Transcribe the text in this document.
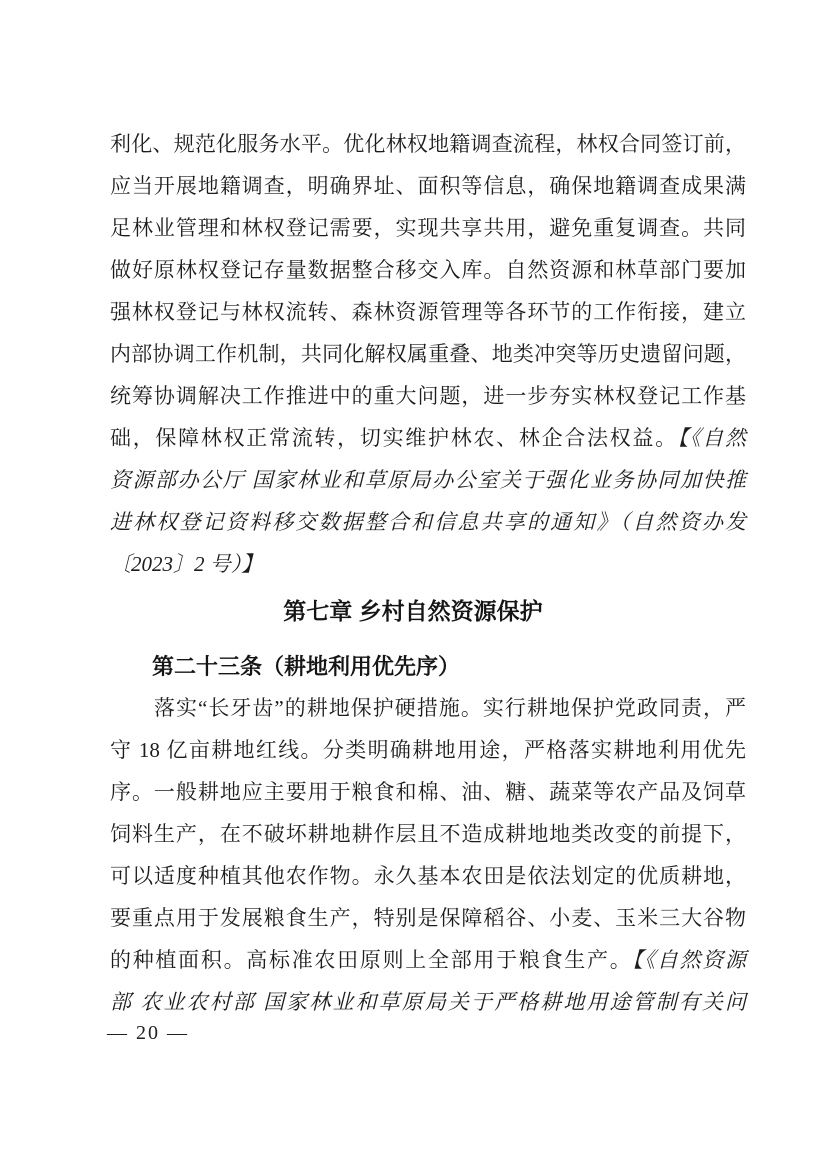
利化、规范化服务水平。优化林权地籍调查流程，林权合同签订前，
应当开展地籍调查，明确界址、面积等信息，确保地籍调查成果满
足林业管理和林权登记需要，实现共享共用，避免重复调查。共同
做好原林权登记存量数据整合移交入库。自然资源和林草部门要加
强林权登记与林权流转、森林资源管理等各环节的工作衔接，建立
内部协调工作机制，共同化解权属重叠、地类冲突等历史遗留问题，
统筹协调解决工作推进中的重大问题，进一步夯实林权登记工作基
础，保障林权正常流转，切实维护林农、林企合法权益。【《自然
资源部办公厅 国家林业和草原局办公室关于强化业务协同加快推
进林权登记资料移交数据整合和信息共享的通知》（自然资办发
〔2023〕2 号）】
第七章 乡村自然资源保护
第二十三条（耕地利用优先序）
落实“长牙齿”的耕地保护硬措施。实行耕地保护党政同责，严
守 18 亿亩耕地红线。分类明确耕地用途，严格落实耕地利用优先
序。一般耕地应主要用于粮食和棉、油、糖、蔬菜等农产品及饲草
饲料生产，在不破坏耕地耕作层且不造成耕地地类改变的前提下，
可以适度种植其他农作物。永久基本农田是依法划定的优质耕地，
要重点用于发展粮食生产，特别是保障稻谷、小麦、玉米三大谷物
的种植面积。高标准农田原则上全部用于粮食生产。【《自然资源
部 农业农村部 国家林业和草原局关于严格耕地用途管制有关问
— 20 —
